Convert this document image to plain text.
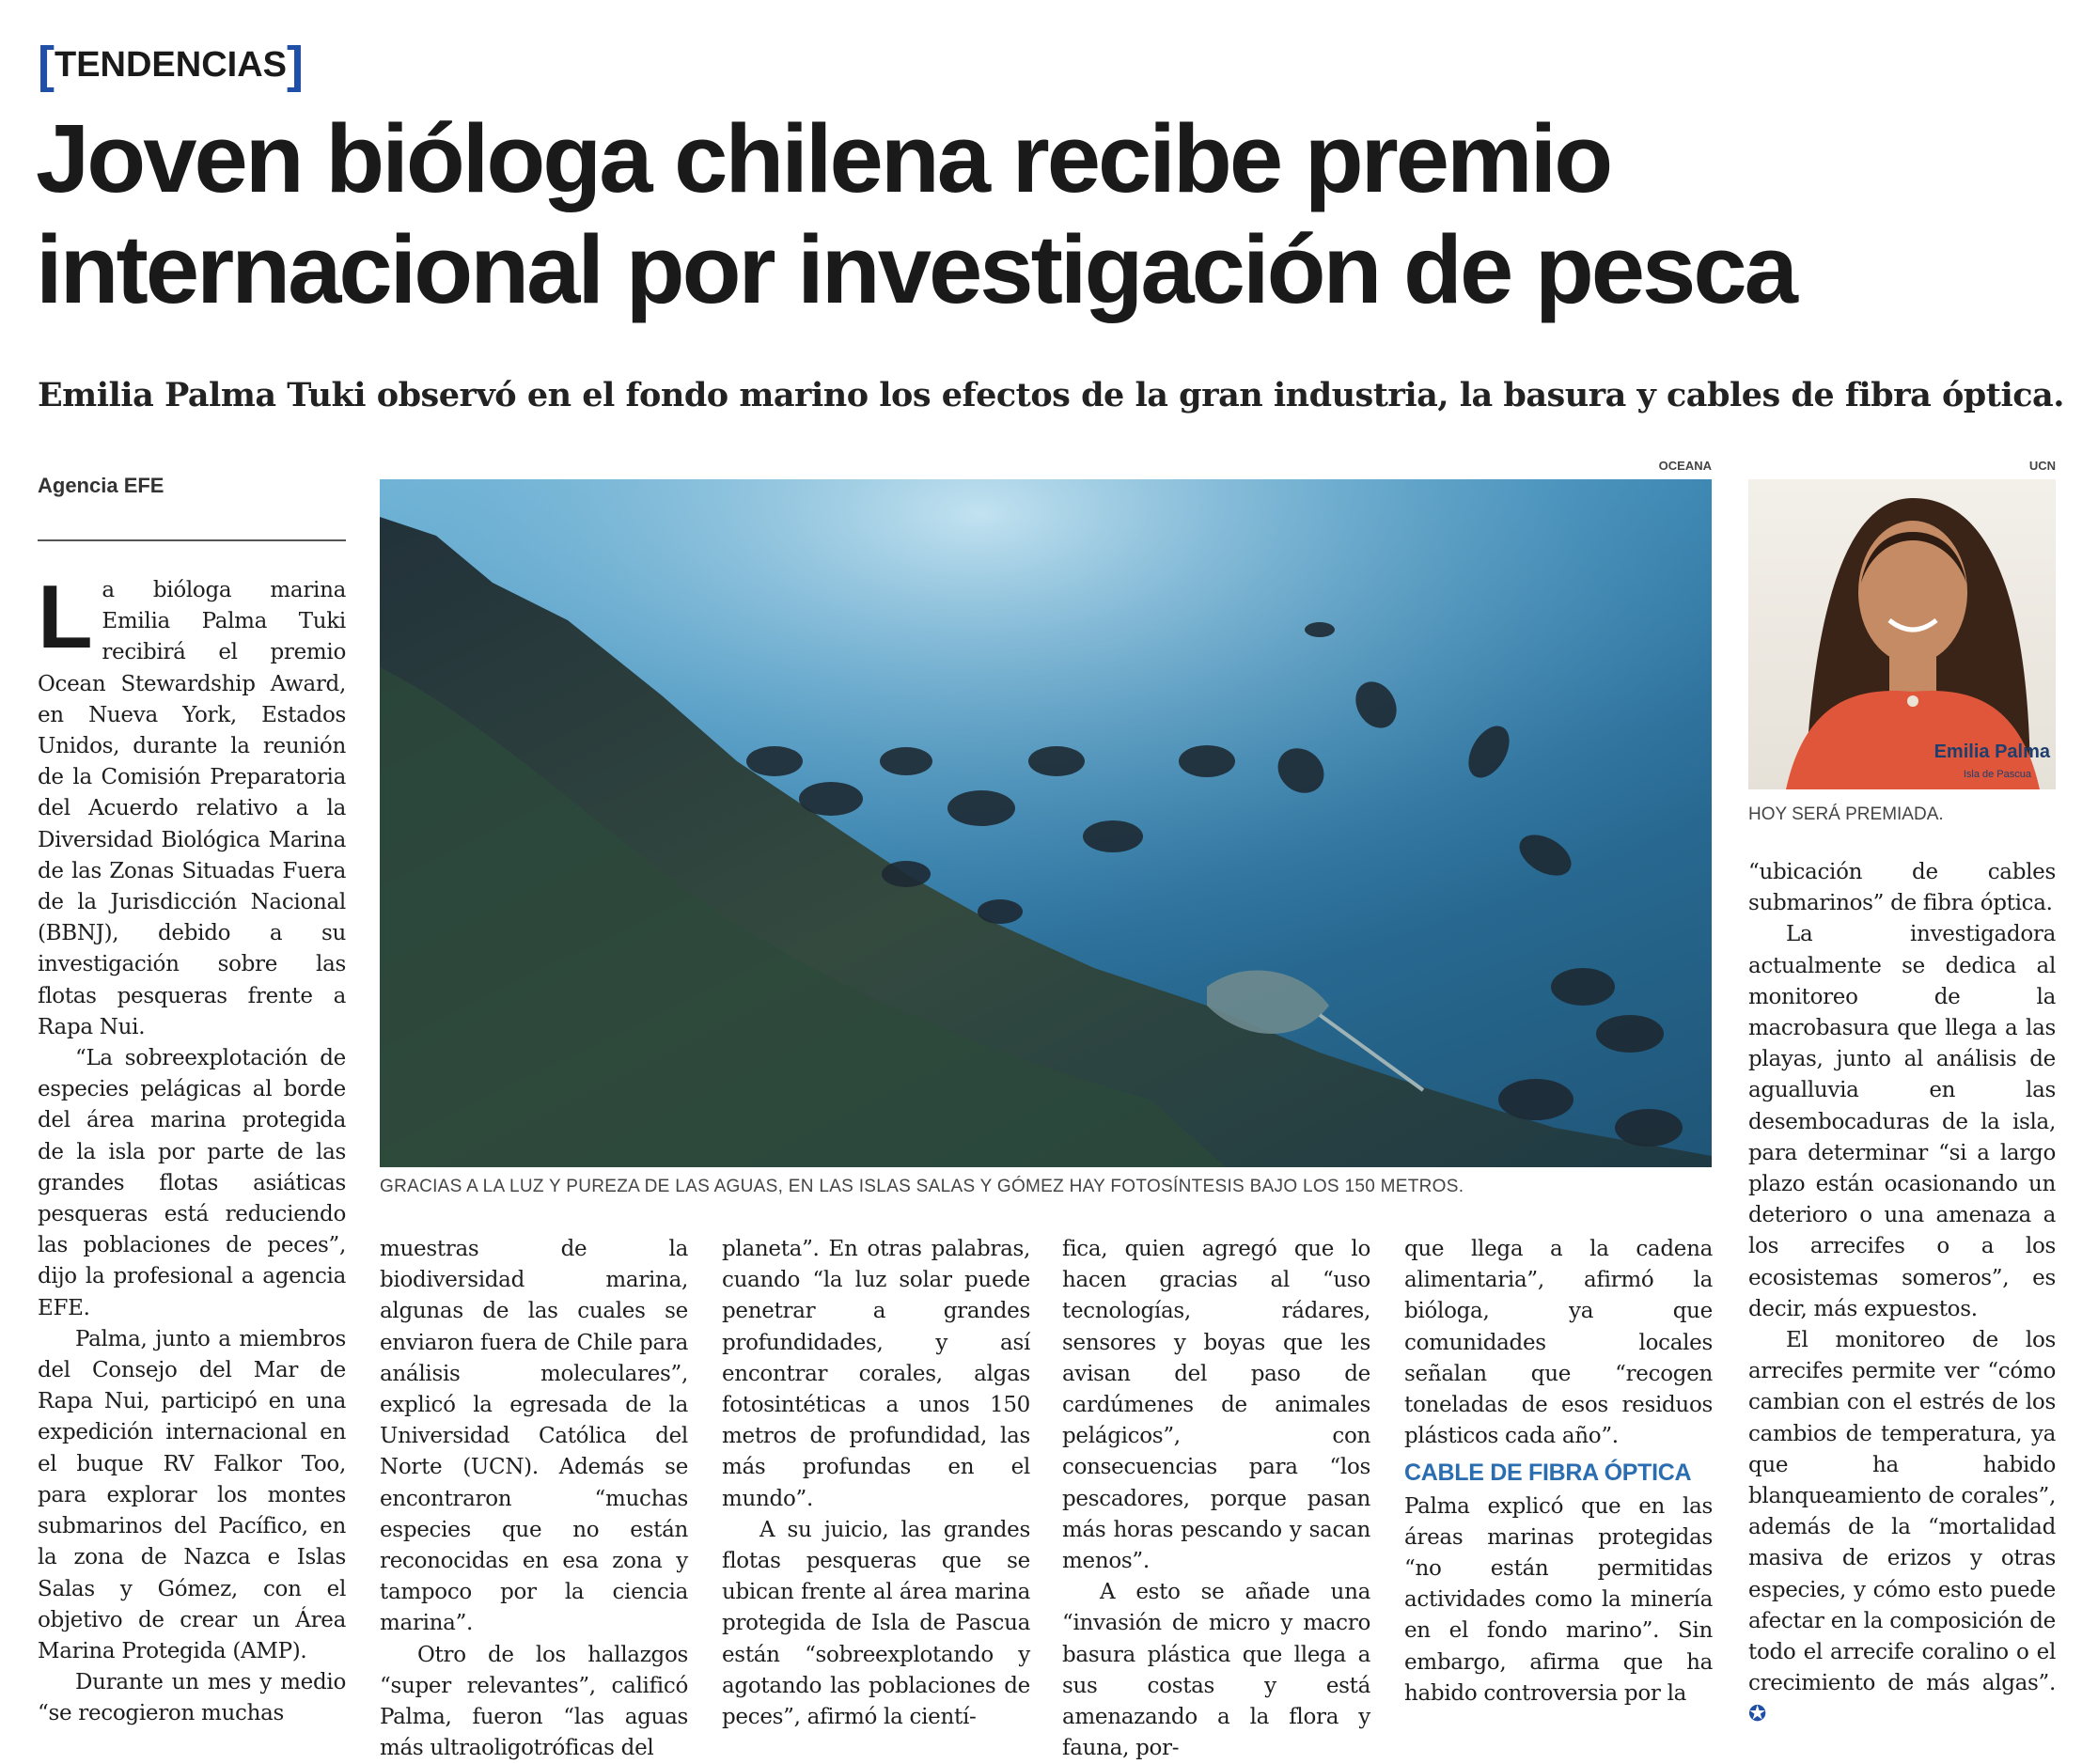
[ TENDENCIAS ]
Joven bióloga chilena recibe premio internacional por investigación de pesca

Emilia Palma Tuki observó en el fondo marino los efectos de la gran industria, la basura y cables de fibra óptica.

Agencia EFE

La bióloga marina Emilia Palma Tuki recibirá el premio Ocean Stewardship Award, en Nueva York, Estados Unidos, durante la reunión de la Comisión Preparatoria del Acuerdo relativo a la Diversidad Biológica Marina de las Zonas Situadas Fuera de la Jurisdicción Nacional (BBNJ), debido a su investigación sobre las flotas pesqueras frente a Rapa Nui.

“La sobreexplotación de especies pelágicas al borde del área marina protegida de la isla por parte de las grandes flotas asiáticas pesqueras está reduciendo las poblaciones de peces”, dijo la profesional a agencia EFE.

Palma, junto a miembros del Consejo del Mar de Rapa Nui, participó en una expedición internacional en el buque RV Falkor Too, para explorar los montes submarinos del Pacífico, en la zona de Nazca e Islas Salas y Gómez, con el objetivo de crear un Área Marina Protegida (AMP).

Durante un mes y medio “se recogieron muchas

OCEANA
GRACIAS A LA LUZ Y PUREZA DE LAS AGUAS, EN LAS ISLAS SALAS Y GÓMEZ HAY FOTOSÍNTESIS BAJO LOS 150 METROS.
UCN
Emilia Palma
Isla de Pascua
HOY SERÁ PREMIADA.

muestras de la biodiversidad marina, algunas de las cuales se enviaron fuera de Chile para análisis moleculares”, explicó la egresada de la Universidad Católica del Norte (UCN). Además se encontraron “muchas especies que no están reconocidas en esa zona y tampoco por la ciencia marina”.

Otro de los hallazgos “super relevantes”, calificó Palma, fueron “las aguas más ultraoligotróficas del

planeta”. En otras palabras, cuando “la luz solar puede penetrar a grandes profundidades, y así encontrar corales, algas fotosintéticas a unos 150 metros de profundidad, las más profundas en el mundo”.

A su juicio, las grandes flotas pesqueras que se ubican frente al área marina protegida de Isla de Pascua están “sobreexplotando y agotando las poblaciones de peces”, afirmó la cientí-

fica, quien agregó que lo hacen gracias al “uso tecnologías, rádares, sensores y boyas que les avisan del paso de cardúmenes de animales pelágicos”, con consecuencias para “los pescadores, porque pasan más horas pescando y sacan menos”.

A esto se añade una “invasión de micro y macro basura plástica que llega a sus costas y está amenazando a la flora y fauna, por-

que llega a la cadena alimentaria”, afirmó la bióloga, ya que comunidades locales señalan que “recogen toneladas de esos residuos plásticos cada año”.

CABLE DE FIBRA ÓPTICA

Palma explicó que en las áreas marinas protegidas “no están permitidas actividades como la minería en el fondo marino”. Sin embargo, afirma que ha habido controversia por la

“ubicación de cables submarinos” de fibra óptica.

La investigadora actualmente se dedica al monitoreo de la macrobasura que llega a las playas, junto al análisis de agualluvia en las desembocaduras de la isla, para determinar “si a largo plazo están ocasionando un deterioro o una amenaza a los arrecifes o a los ecosistemas someros”, es decir, más expuestos.

El monitoreo de los arrecifes permite ver “cómo cambian con el estrés de los cambios de temperatura, ya que ha habido blanqueamiento de corales”, además de la “mortalidad masiva de erizos y otras especies, y cómo esto puede afectar en la composición de todo el arrecife coralino o el crecimiento de más algas”. ✪
